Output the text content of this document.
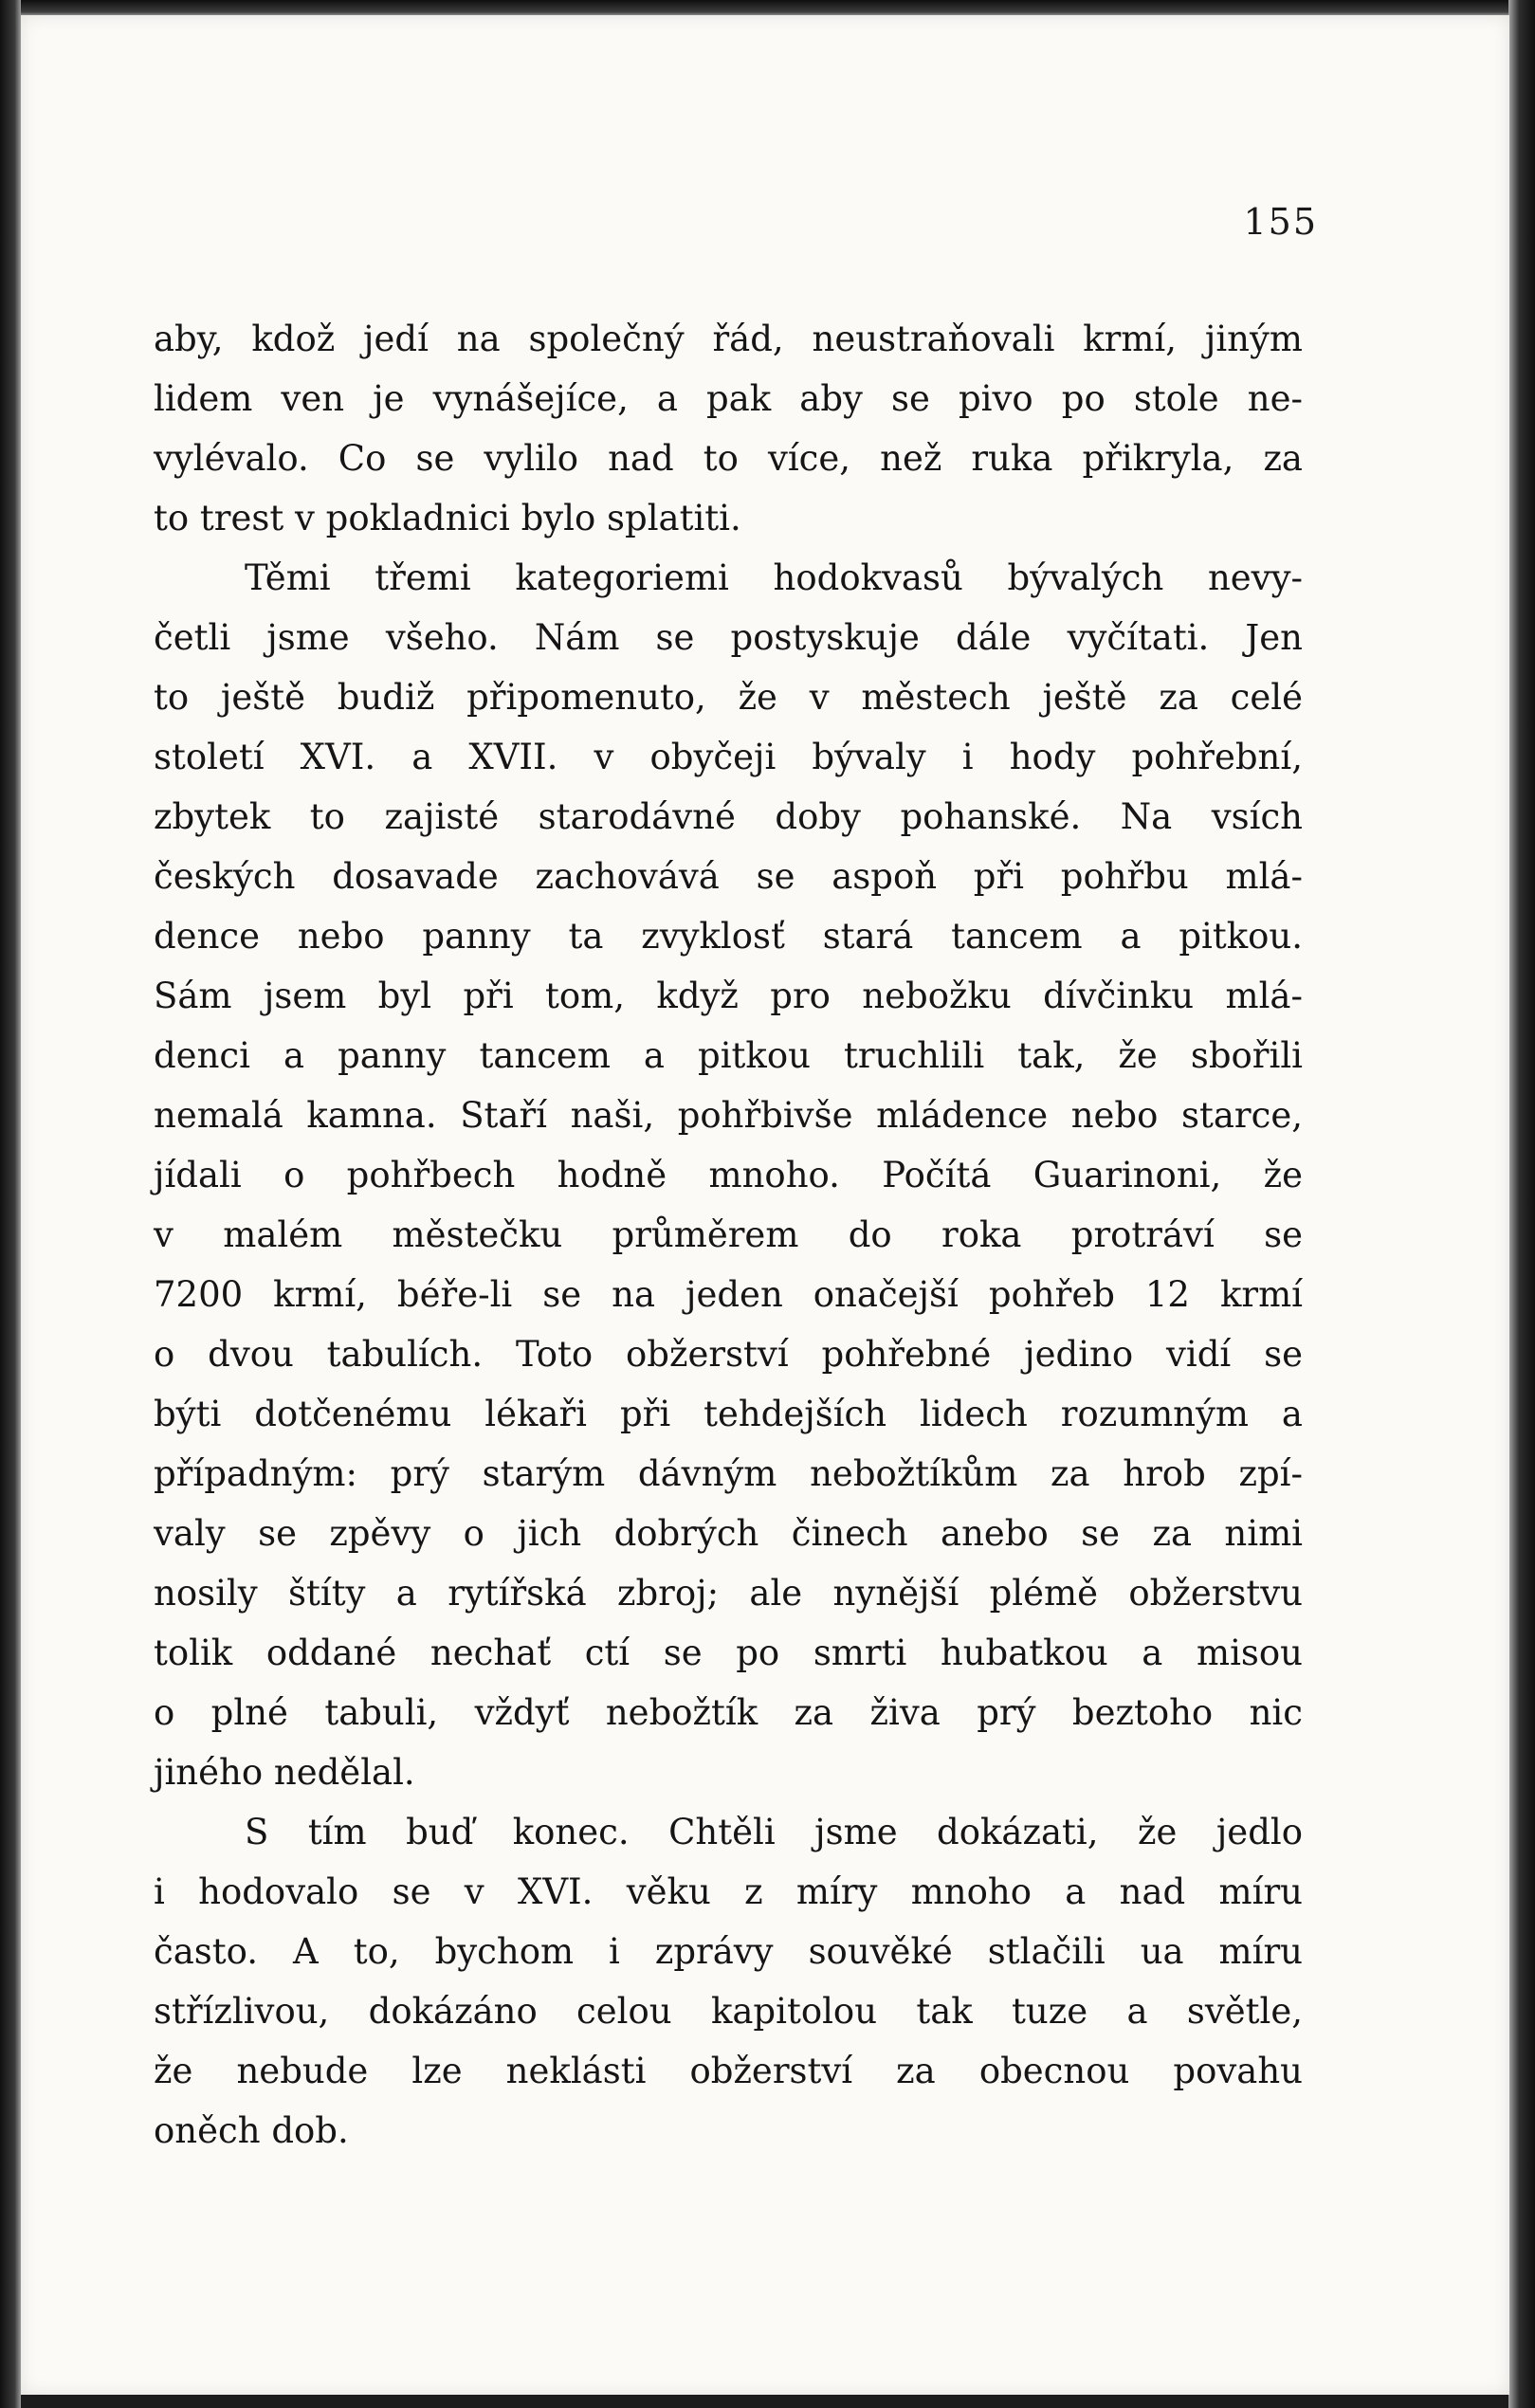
155
aby, kdož jedí na společný řád, neustraňovali krmí, jiným
lidem ven je vynášejíce, a pak aby se pivo po stole ne-
vylévalo. Co se vylilo nad to více, než ruka přikryla, za
to trest v pokladnici bylo splatiti.
Těmi třemi kategoriemi hodokvasů bývalých nevy-
četli jsme všeho. Nám se postyskuje dále vyčítati. Jen
to ještě budiž připomenuto, že v městech ještě za celé
století XVI. a XVII. v obyčeji bývaly i hody pohřební,
zbytek to zajisté starodávné doby pohanské. Na vsích
českých dosavade zachovává se aspoň při pohřbu mlá-
dence nebo panny ta zvyklosť stará tancem a pitkou.
Sám jsem byl při tom, když pro nebožku dívčinku mlá-
denci a panny tancem a pitkou truchlili tak, že sbořili
nemalá kamna. Staří naši, pohřbivše mládence nebo starce,
jídali o pohřbech hodně mnoho. Počítá Guarinoni, že
v malém městečku průměrem do roka protráví se
7200 krmí, béře-li se na jeden onačejší pohřeb 12 krmí
o dvou tabulích. Toto obžerství pohřebné jedino vidí se
býti dotčenému lékaři při tehdejších lidech rozumným a
případným: prý starým dávným nebožtíkům za hrob zpí-
valy se zpěvy o jich dobrých činech anebo se za nimi
nosily štíty a rytířská zbroj; ale nynější plémě obžerstvu
tolik oddané nechať ctí se po smrti hubatkou a misou
o plné tabuli, vždyť nebožtík za živa prý beztoho nic
jiného nedělal.
S tím buď konec. Chtěli jsme dokázati, že jedlo
i hodovalo se v XVI. věku z míry mnoho a nad míru
často. A to, bychom i zprávy souvěké stlačili ua míru
střízlivou, dokázáno celou kapitolou tak tuze a světle,
že nebude lze neklásti obžerství za obecnou povahu
oněch dob.
